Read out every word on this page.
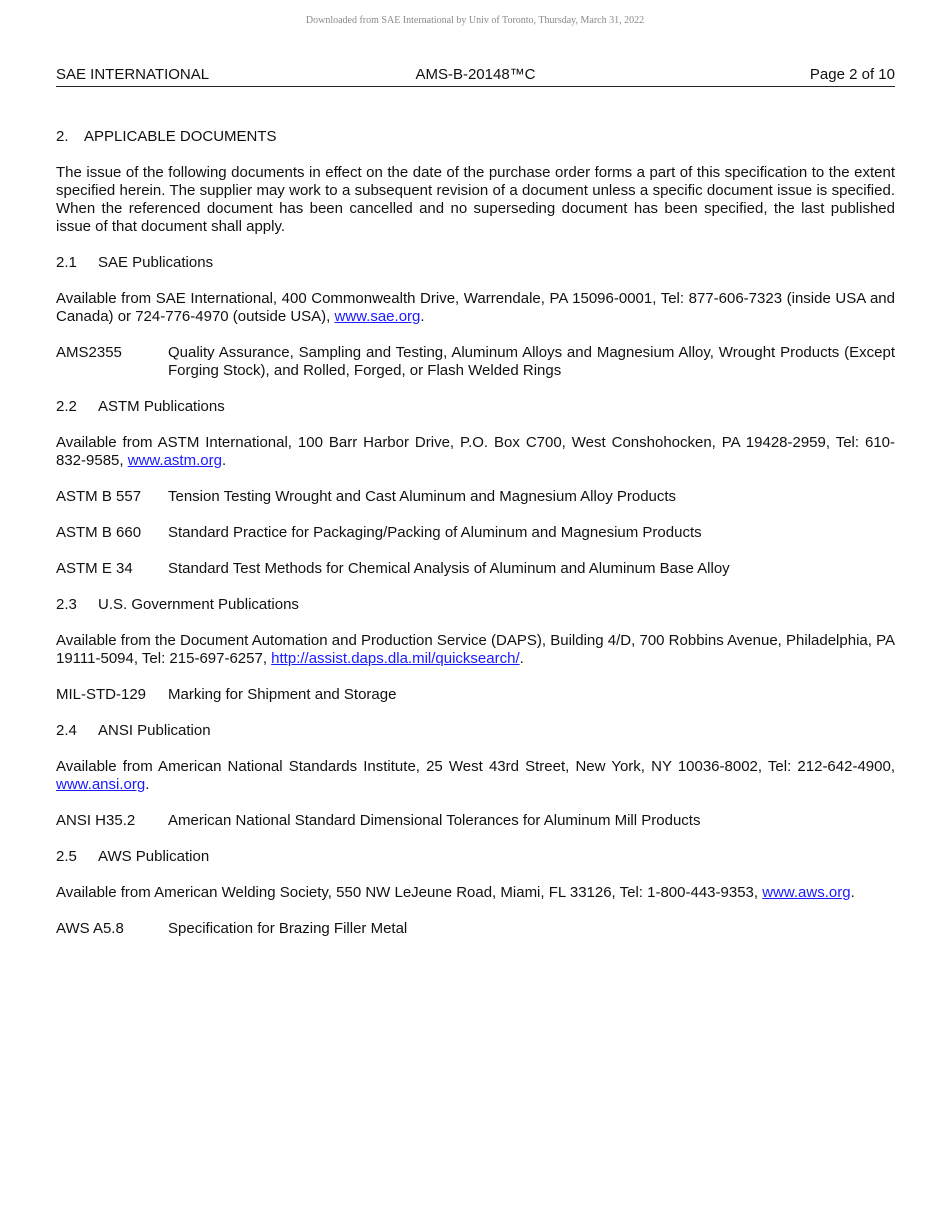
Downloaded from SAE International by Univ of Toronto, Thursday, March 31, 2022
AMS-B-20148™C
SAE INTERNATIONAL	Page 2 of 10
2. APPLICABLE DOCUMENTS
The issue of the following documents in effect on the date of the purchase order forms a part of this specification to the extent specified herein. The supplier may work to a subsequent revision of a document unless a specific document issue is specified. When the referenced document has been cancelled and no superseding document has been specified, the last published issue of that document shall apply.
2.1 SAE Publications
Available from SAE International, 400 Commonwealth Drive, Warrendale, PA 15096-0001, Tel: 877-606-7323 (inside USA and Canada) or 724-776-4970 (outside USA), www.sae.org.
AMS2355	Quality Assurance, Sampling and Testing, Aluminum Alloys and Magnesium Alloy, Wrought Products (Except Forging Stock), and Rolled, Forged, or Flash Welded Rings
2.2 ASTM Publications
Available from ASTM International, 100 Barr Harbor Drive, P.O. Box C700, West Conshohocken, PA 19428-2959, Tel: 610-832-9585, www.astm.org.
ASTM B 557	Tension Testing Wrought and Cast Aluminum and Magnesium Alloy Products
ASTM B 660	Standard Practice for Packaging/Packing of Aluminum and Magnesium Products
ASTM E 34	Standard Test Methods for Chemical Analysis of Aluminum and Aluminum Base Alloy
2.3 U.S. Government Publications
Available from the Document Automation and Production Service (DAPS), Building 4/D, 700 Robbins Avenue, Philadelphia, PA 19111-5094, Tel: 215-697-6257, http://assist.daps.dla.mil/quicksearch/.
MIL-STD-129	Marking for Shipment and Storage
2.4 ANSI Publication
Available from American National Standards Institute, 25 West 43rd Street, New York, NY 10036-8002, Tel: 212-642-4900, www.ansi.org.
ANSI H35.2	American National Standard Dimensional Tolerances for Aluminum Mill Products
2.5 AWS Publication
Available from American Welding Society, 550 NW LeJeune Road, Miami, FL 33126, Tel: 1-800-443-9353, www.aws.org.
AWS A5.8	Specification for Brazing Filler Metal
